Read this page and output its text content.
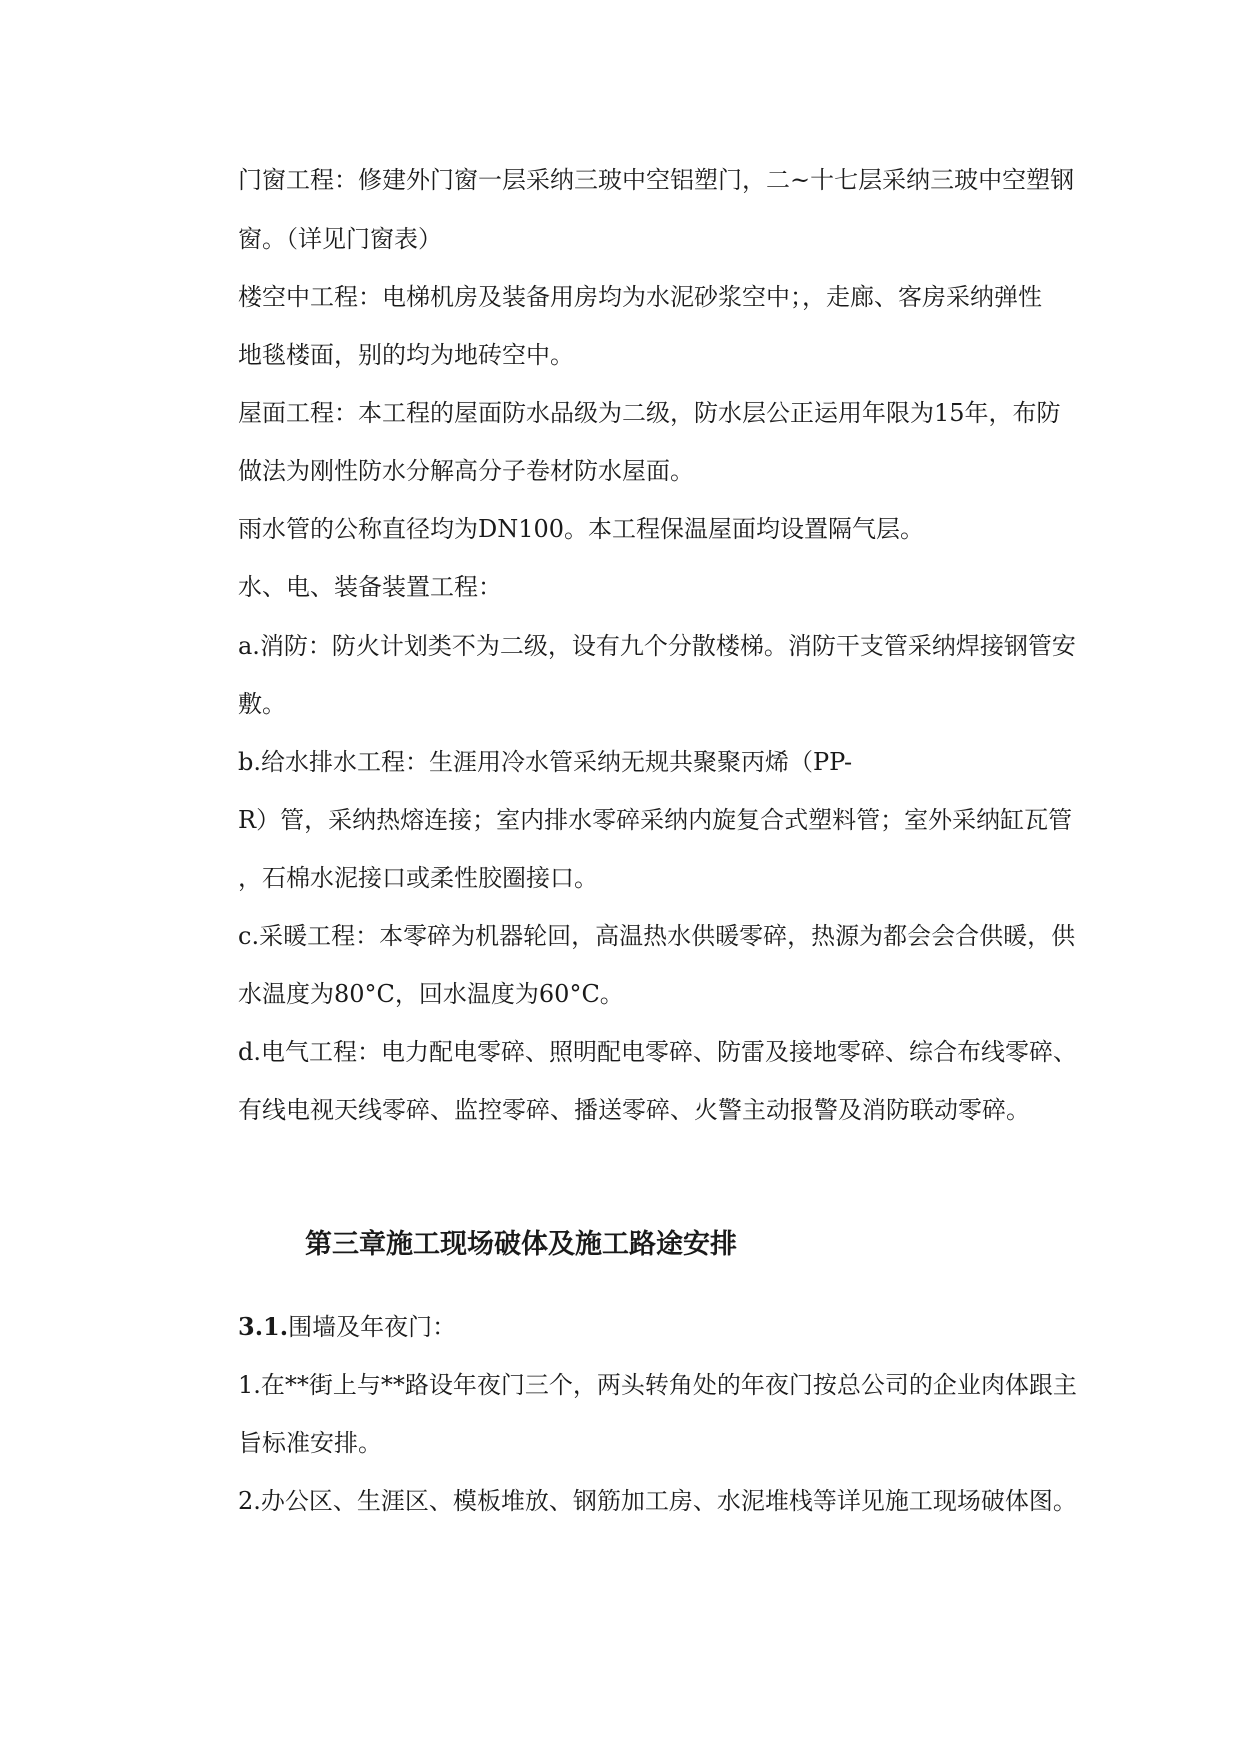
门窗工程：修建外门窗一层采纳三玻中空铝塑门，二~十七层采纳三玻中空塑钢
窗。（详见门窗表）
楼空中工程：电梯机房及装备用房均为水泥砂浆空中；，走廊、客房采纳弹性
地毯楼面，别的均为地砖空中。
屋面工程：本工程的屋面防水品级为二级，防水层公正运用年限为15年，布防
做法为刚性防水分解高分子卷材防水屋面。
雨水管的公称直径均为DN100。本工程保温屋面均设置隔气层。
水、电、装备装置工程：
a.消防：防火计划类不为二级，设有九个分散楼梯。消防干支管采纳焊接钢管安
敷。
b.给水排水工程：生涯用冷水管采纳无规共聚聚丙烯（PP-
R）管，采纳热熔连接；室内排水零碎采纳内旋复合式塑料管；室外采纳缸瓦管
，石棉水泥接口或柔性胶圈接口。
c.采暖工程：本零碎为机器轮回，高温热水供暖零碎，热源为都会会合供暖，供
水温度为80°C，回水温度为60°C。
d.电气工程：电力配电零碎、照明配电零碎、防雷及接地零碎、综合布线零碎、
有线电视天线零碎、监控零碎、播送零碎、火警主动报警及消防联动零碎。
第三章施工现场破体及施工路途安排
3.1.围墙及年夜门：
1.在**街上与**路设年夜门三个，两头转角处的年夜门按总公司的企业肉体跟主
旨标准安排。
2.办公区、生涯区、模板堆放、钢筋加工房、水泥堆栈等详见施工现场破体图。
